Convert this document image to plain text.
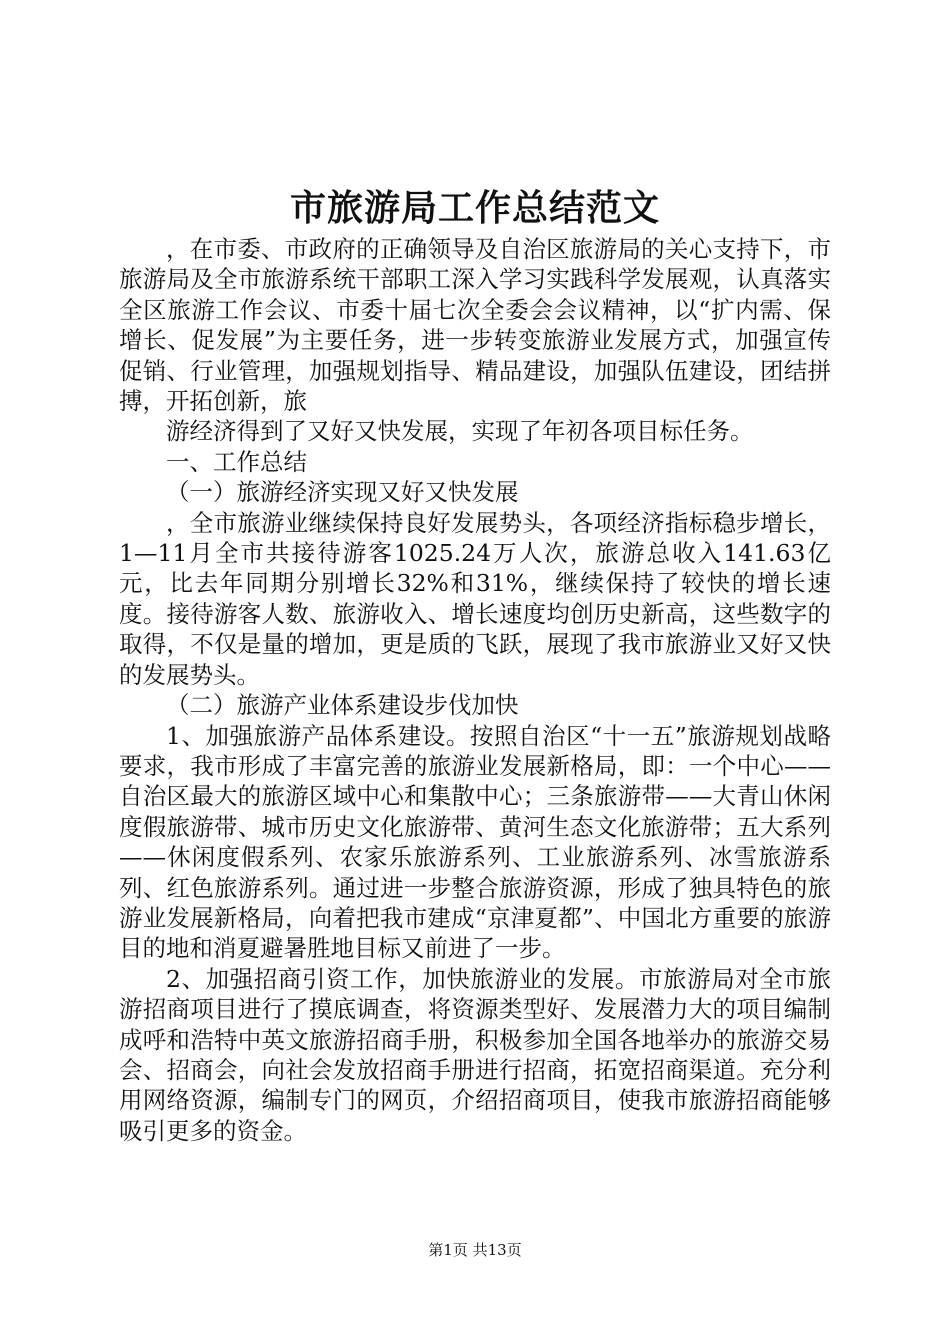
市旅游局工作总结范文

，在市委、市政府的正确领导及自治区旅游局的关心支持下，市旅游局及全市旅游系统干部职工深入学习实践科学发展观，认真落实全区旅游工作会议、市委十届七次全委会会议精神，以“扩内需、保增长、促发展”为主要任务，进一步转变旅游业发展方式，加强宣传促销、行业管理，加强规划指导、精品建设，加强队伍建设，团结拼搏，开拓创新，旅

游经济得到了又好又快发展，实现了年初各项目标任务。

一、工作总结

（一）旅游经济实现又好又快发展

，全市旅游业继续保持良好发展势头，各项经济指标稳步增长，1—11月全市共接待游客1025.24万人次，旅游总收入141.63亿元，比去年同期分别增长32%和31%，继续保持了较快的增长速度。接待游客人数、旅游收入、增长速度均创历史新高，这些数字的取得，不仅是量的增加，更是质的飞跃，展现了我市旅游业又好又快的发展势头。

（二）旅游产业体系建设步伐加快

1、加强旅游产品体系建设。按照自治区“十一五”旅游规划战略要求，我市形成了丰富完善的旅游业发展新格局，即：一个中心——自治区最大的旅游区域中心和集散中心；三条旅游带——大青山休闲度假旅游带、城市历史文化旅游带、黄河生态文化旅游带；五大系列——休闲度假系列、农家乐旅游系列、工业旅游系列、冰雪旅游系列、红色旅游系列。通过进一步整合旅游资源，形成了独具特色的旅游业发展新格局，向着把我市建成“京津夏都”、中国北方重要的旅游目的地和消夏避暑胜地目标又前进了一步。

2、加强招商引资工作，加快旅游业的发展。市旅游局对全市旅游招商项目进行了摸底调查，将资源类型好、发展潜力大的项目编制成呼和浩特中英文旅游招商手册，积极参加全国各地举办的旅游交易会、招商会，向社会发放招商手册进行招商，拓宽招商渠道。充分利用网络资源，编制专门的网页，介绍招商项目，使我市旅游招商能够吸引更多的资金。

第1页 共13页
